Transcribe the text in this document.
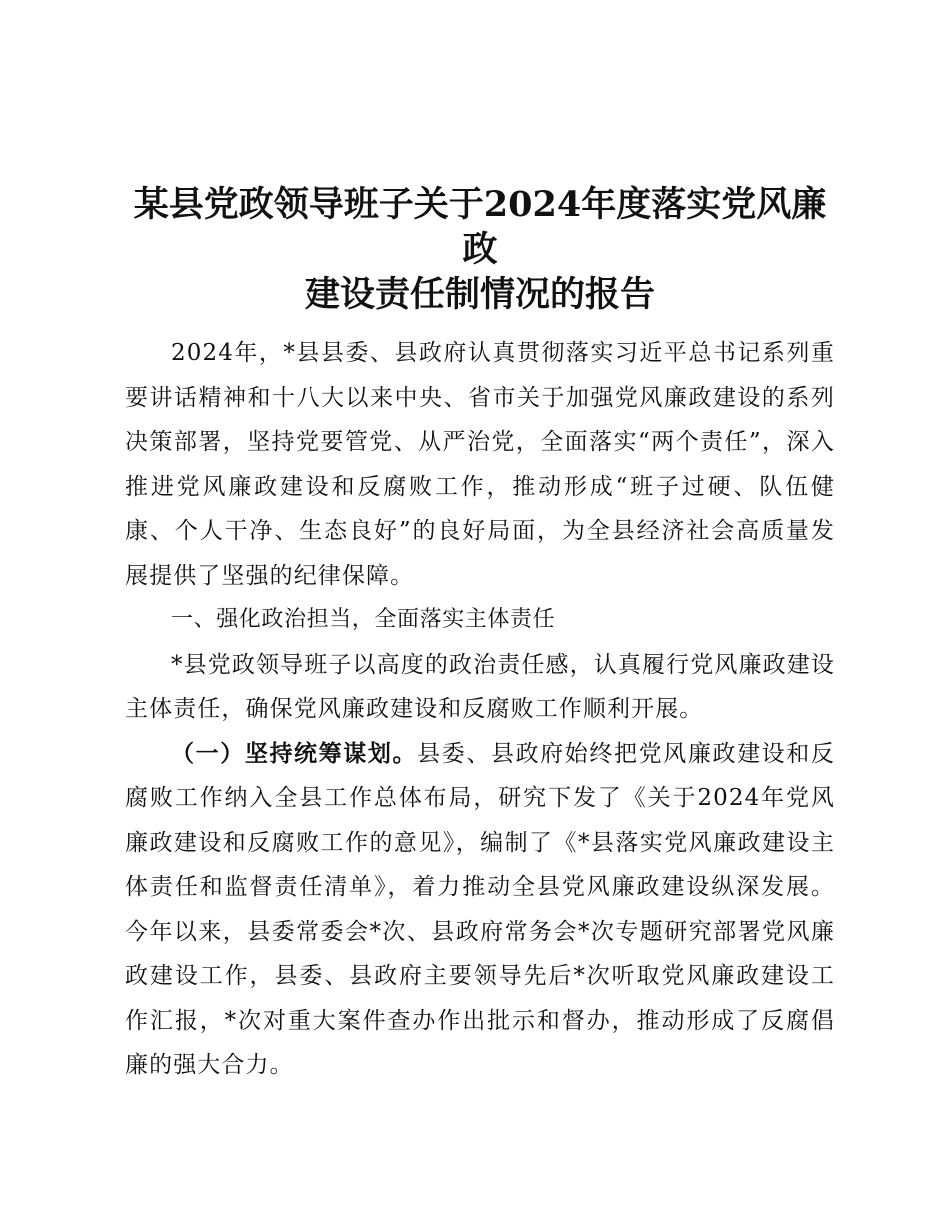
某县党政领导班子关于2024年度落实党风廉政
建设责任制情况的报告

2024年，*县县委、县政府认真贯彻落实习近平总书记系列重要讲话精神和十八大以来中央、省市关于加强党风廉政建设的系列决策部署，坚持党要管党、从严治党，全面落实“两个责任”，深入推进党风廉政建设和反腐败工作，推动形成“班子过硬、队伍健康、个人干净、生态良好”的良好局面，为全县经济社会高质量发展提供了坚强的纪律保障。

一、强化政治担当，全面落实主体责任

*县党政领导班子以高度的政治责任感，认真履行党风廉政建设主体责任，确保党风廉政建设和反腐败工作顺利开展。

（一）坚持统筹谋划。县委、县政府始终把党风廉政建设和反腐败工作纳入全县工作总体布局，研究下发了《关于2024年党风廉政建设和反腐败工作的意见》，编制了《*县落实党风廉政建设主体责任和监督责任清单》，着力推动全县党风廉政建设纵深发展。今年以来，县委常委会*次、县政府常务会*次专题研究部署党风廉政建设工作，县委、县政府主要领导先后*次听取党风廉政建设工作汇报，*次对重大案件查办作出批示和督办，推动形成了反腐倡廉的强大合力。
